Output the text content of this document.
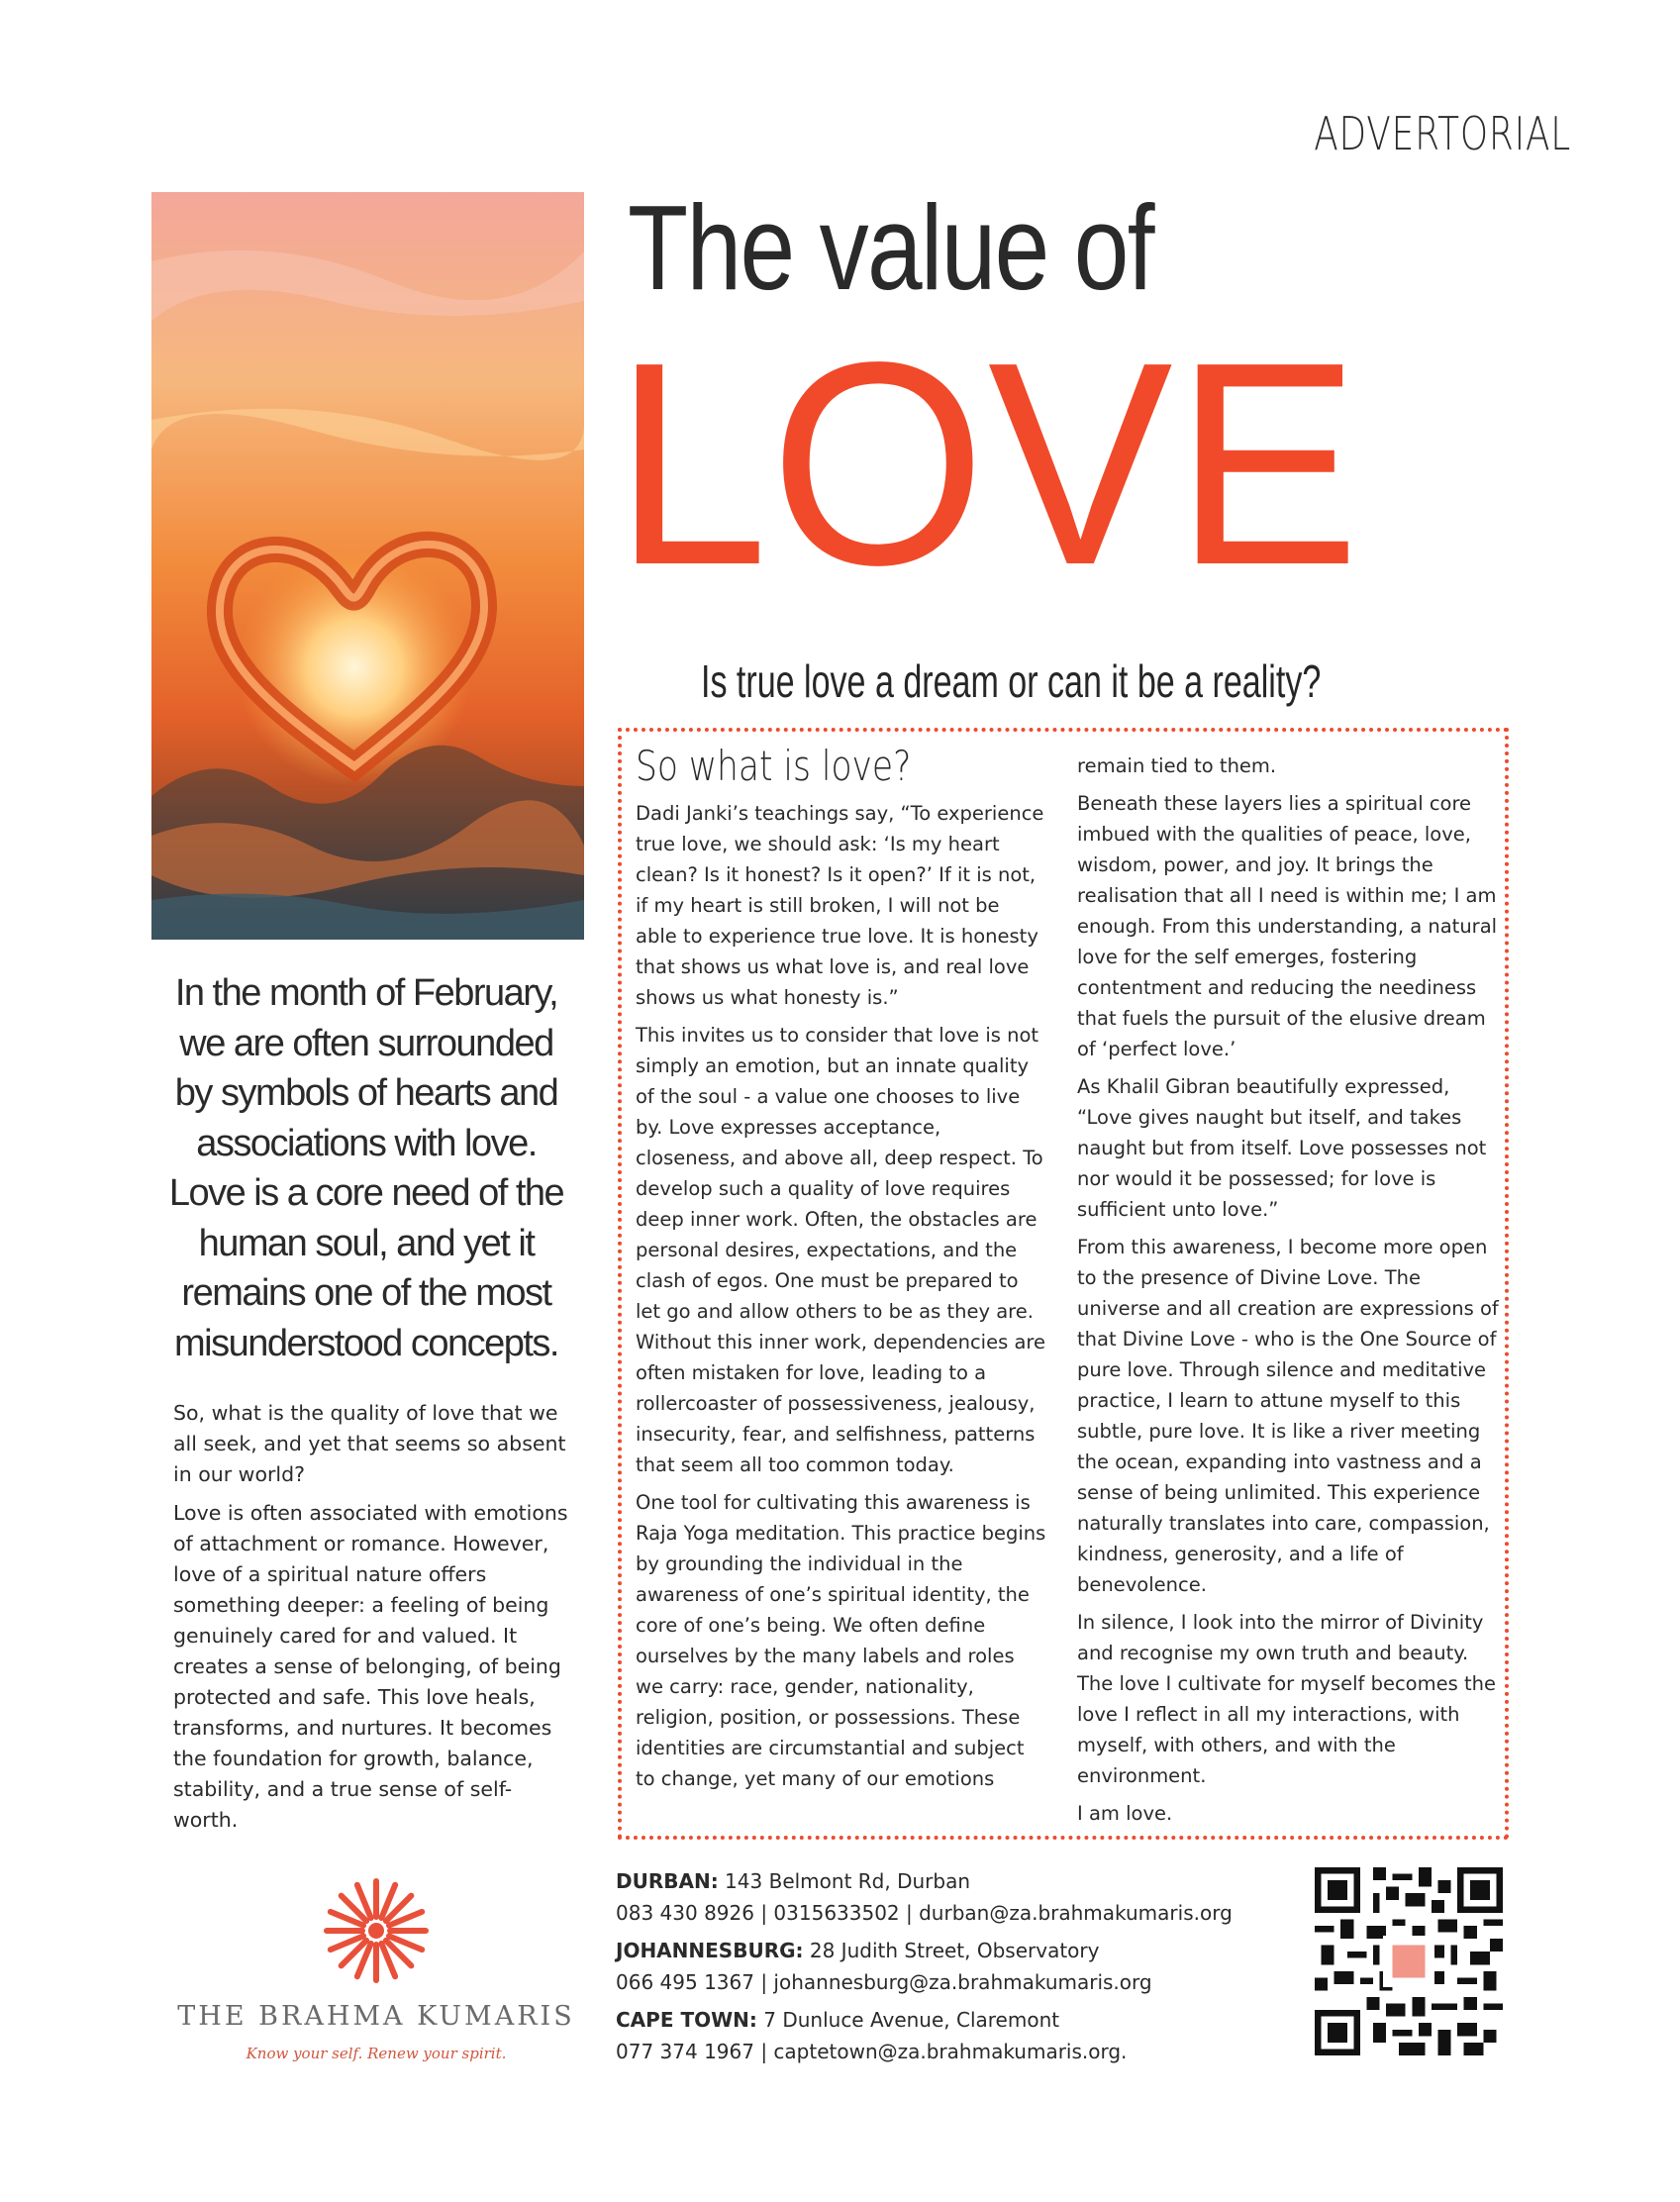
ADVERTORIAL
The value of
LOVE
Is true love a dream or can it be a reality?
In the month of February, we are often surrounded by symbols of hearts and associations with love. Love is a core need of the human soul, and yet it remains one of the most misunderstood concepts.

So, what is the quality of love that we all seek, and yet that seems so absent in our world?

Love is often associated with emotions of attachment or romance. However, love of a spiritual nature offers something deeper: a feeling of being genuinely cared for and valued. It creates a sense of belonging, of being protected and safe. This love heals, transforms, and nurtures. It becomes the foundation for growth, balance, stability, and a true sense of self-worth.

So what is love?

Dadi Janki’s teachings say, “To experience true love, we should ask: ‘Is my heart clean? Is it honest? Is it open?’ If it is not, if my heart is still broken, I will not be able to experience true love. It is honesty that shows us what love is, and real love shows us what honesty is.”

This invites us to consider that love is not simply an emotion, but an innate quality of the soul - a value one chooses to live by. Love expresses acceptance, closeness, and above all, deep respect. To develop such a quality of love requires deep inner work. Often, the obstacles are personal desires, expectations, and the clash of egos. One must be prepared to let go and allow others to be as they are. Without this inner work, dependencies are often mistaken for love, leading to a rollercoaster of possessiveness, jealousy, insecurity, fear, and selfishness, patterns that seem all too common today.

One tool for cultivating this awareness is Raja Yoga meditation. This practice begins by grounding the individual in the awareness of one’s spiritual identity, the core of one’s being. We often define ourselves by the many labels and roles we carry: race, gender, nationality, religion, position, or possessions. These identities are circumstantial and subject to change, yet many of our emotions

remain tied to them.

Beneath these layers lies a spiritual core imbued with the qualities of peace, love, wisdom, power, and joy. It brings the realisation that all I need is within me; I am enough. From this understanding, a natural love for the self emerges, fostering contentment and reducing the neediness that fuels the pursuit of the elusive dream of ‘perfect love.’

As Khalil Gibran beautifully expressed, “Love gives naught but itself, and takes naught but from itself. Love possesses not nor would it be possessed; for love is sufficient unto love.”

From this awareness, I become more open to the presence of Divine Love. The universe and all creation are expressions of that Divine Love - who is the One Source of pure love. Through silence and meditative practice, I learn to attune myself to this subtle, pure love. It is like a river meeting the ocean, expanding into vastness and a sense of being unlimited. This experience naturally translates into care, compassion, kindness, generosity, and a life of benevolence.

In silence, I look into the mirror of Divinity and recognise my own truth and beauty. The love I cultivate for myself becomes the love I reflect in all my interactions, with myself, with others, and with the environment.

I am love.

DURBAN: 143 Belmont Rd, Durban
083 430 8926 | 0315633502 | durban@za.brahmakumaris.org
JOHANNESBURG: 28 Judith Street, Observatory
066 495 1367 | johannesburg@za.brahmakumaris.org
CAPE TOWN: 7 Dunluce Avenue, Claremont
077 374 1967 | captetown@za.brahmakumaris.org.
THE BRAHMA KUMARIS
Know your self. Renew your spirit.
